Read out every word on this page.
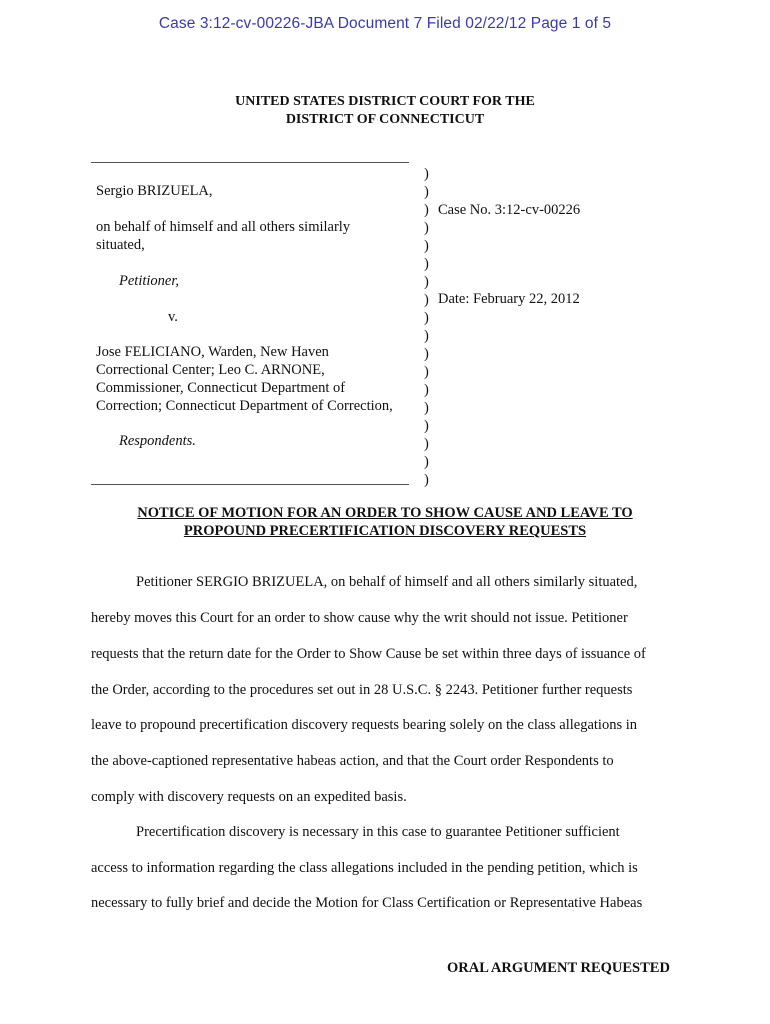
Case 3:12-cv-00226-JBA Document 7 Filed 02/22/12 Page 1 of 5
UNITED STATES DISTRICT COURT FOR THE
DISTRICT OF CONNECTICUT
Sergio BRIZUELA,
on behalf of himself and all others similarly
situated,
Petitioner,
v.
Jose FELICIANO, Warden, New Haven
Correctional Center; Leo C. ARNONE,
Commissioner, Connecticut Department of
Correction; Connecticut Department of Correction,
Respondents.
)
)
)
)
)
)
)
)
)
)
)
)
)
)
)
)
)
)
Case No. 3:12-cv-00226
Date: February 22, 2012
NOTICE OF MOTION FOR AN ORDER TO SHOW CAUSE AND LEAVE TO
PROPOUND PRECERTIFICATION DISCOVERY REQUESTS
Petitioner SERGIO BRIZUELA, on behalf of himself and all others similarly situated,
hereby moves this Court for an order to show cause why the writ should not issue. Petitioner
requests that the return date for the Order to Show Cause be set within three days of issuance of
the Order, according to the procedures set out in 28 U.S.C. § 2243. Petitioner further requests
leave to propound precertification discovery requests bearing solely on the class allegations in
the above-captioned representative habeas action, and that the Court order Respondents to
comply with discovery requests on an expedited basis.
Precertification discovery is necessary in this case to guarantee Petitioner sufficient
access to information regarding the class allegations included in the pending petition, which is
necessary to fully brief and decide the Motion for Class Certification or Representative Habeas
ORAL ARGUMENT REQUESTED
